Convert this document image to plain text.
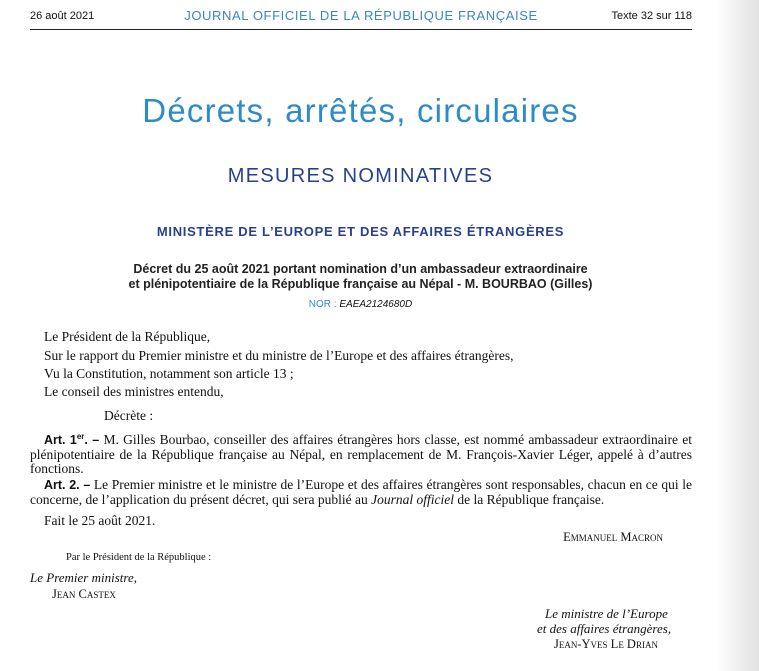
26 août 2021	JOURNAL OFFICIEL DE LA RÉPUBLIQUE FRANÇAISE	Texte 32 sur 118
Décrets, arrêtés, circulaires
MESURES NOMINATIVES
MINISTÈRE DE L’EUROPE ET DES AFFAIRES ÉTRANGÈRES
Décret du 25 août 2021 portant nomination d’un ambassadeur extraordinaire
et plénipotentiaire de la République française au Népal - M. BOURBAO (Gilles)
NOR : EAEA2124680D
Le Président de la République,
Sur le rapport du Premier ministre et du ministre de l’Europe et des affaires étrangères,
Vu la Constitution, notamment son article 13 ;
Le conseil des ministres entendu,
Décrète :
Art. 1er. – M. Gilles Bourbao, conseiller des affaires étrangères hors classe, est nommé ambassadeur extraordinaire et plénipotentiaire de la République française au Népal, en remplacement de M. François-Xavier Léger, appelé à d’autres fonctions.
Art. 2. – Le Premier ministre et le ministre de l’Europe et des affaires étrangères sont responsables, chacun en ce qui le concerne, de l’application du présent décret, qui sera publié au Journal officiel de la République française.
Fait le 25 août 2021.
Emmanuel Macron
Par le Président de la République :
Le Premier ministre,
Jean Castex
Le ministre de l’Europe
et des affaires étrangères,
Jean-Yves Le Drian
